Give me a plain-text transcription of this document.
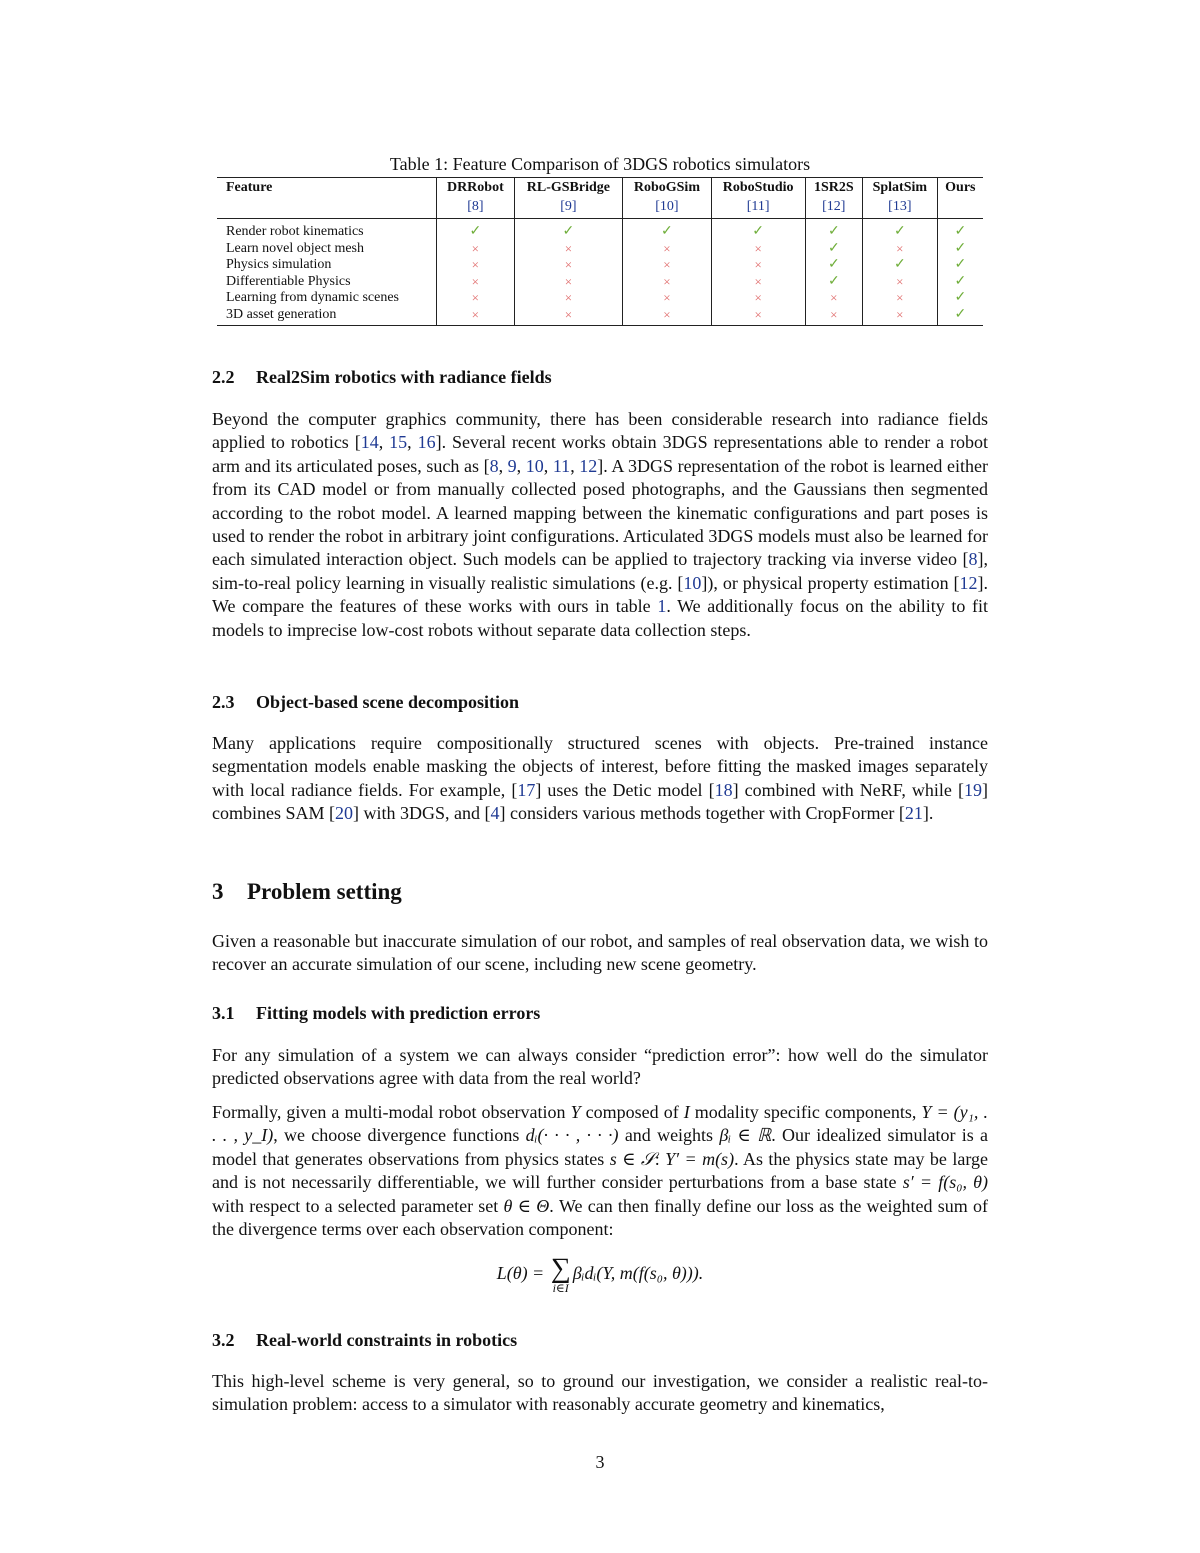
Table 1: Feature Comparison of 3DGS robotics simulators
Feature	DRRobot	RL-GSBridge	RoboGSim	RoboStudio	1SR2S	SplatSim	Ours
	[8]	[9]	[10]	[11]	[12]	[13]	
Render robot kinematics	✓	✓	✓	✓	✓	✓	✓
Learn novel object mesh	×	×	×	×	✓	×	✓
Physics simulation	×	×	×	×	✓	✓	✓
Differentiable Physics	×	×	×	×	✓	×	✓
Learning from dynamic scenes	×	×	×	×	×	×	✓
3D asset generation	×	×	×	×	×	×	✓
2.2 Real2Sim robotics with radiance fields

Beyond the computer graphics community, there has been considerable research into radiance fields applied to robotics [14, 15, 16]. Several recent works obtain 3DGS representations able to render a robot arm and its articulated poses, such as [8, 9, 10, 11, 12]. A 3DGS representation of the robot is learned either from its CAD model or from manually collected posed photographs, and the Gaussians then segmented according to the robot model. A learned mapping between the kinematic configurations and part poses is used to render the robot in arbitrary joint configurations. Articulated 3DGS models must also be learned for each simulated interaction object. Such models can be applied to trajectory tracking via inverse video [8], sim-to-real policy learning in visually realistic simulations (e.g. [10]), or physical property estimation [12]. We compare the features of these works with ours in table 1. We additionally focus on the ability to fit models to imprecise low-cost robots without separate data collection steps.

2.3 Object-based scene decomposition

Many applications require compositionally structured scenes with objects. Pre-trained instance segmentation models enable masking the objects of interest, before fitting the masked images separately with local radiance fields. For example, [17] uses the Detic model [18] combined with NeRF, while [19] combines SAM [20] with 3DGS, and [4] considers various methods together with CropFormer [21].

3 Problem setting

Given a reasonable but inaccurate simulation of our robot, and samples of real observation data, we wish to recover an accurate simulation of our scene, including new scene geometry.

3.1 Fitting models with prediction errors

For any simulation of a system we can always consider “prediction error”: how well do the simulator predicted observations agree with data from the real world?

Formally, given a multi-modal robot observation Y composed of I modality specific components, Y = (y₁, . . . , y_I), we choose divergence functions dᵢ(· · · , · · ·) and weights βᵢ ∈ ℝ. Our idealized simulator is a model that generates observations from physics states s ∈ 𝒮: Y′ = m(s). As the physics state may be large and is not necessarily differentiable, we will further consider perturbations from a base state s′ = f(s₀, θ) with respect to a selected parameter set θ ∈ Θ. We can then finally define our loss as the weighted sum of the divergence terms over each observation component:

L(θ) = ∑
i∈I
βᵢdᵢ(Y, m(f(s₀, θ))).
3.2 Real-world constraints in robotics

This high-level scheme is very general, so to ground our investigation, we consider a realistic real-to-simulation problem: access to a simulator with reasonably accurate geometry and kinematics,

3
